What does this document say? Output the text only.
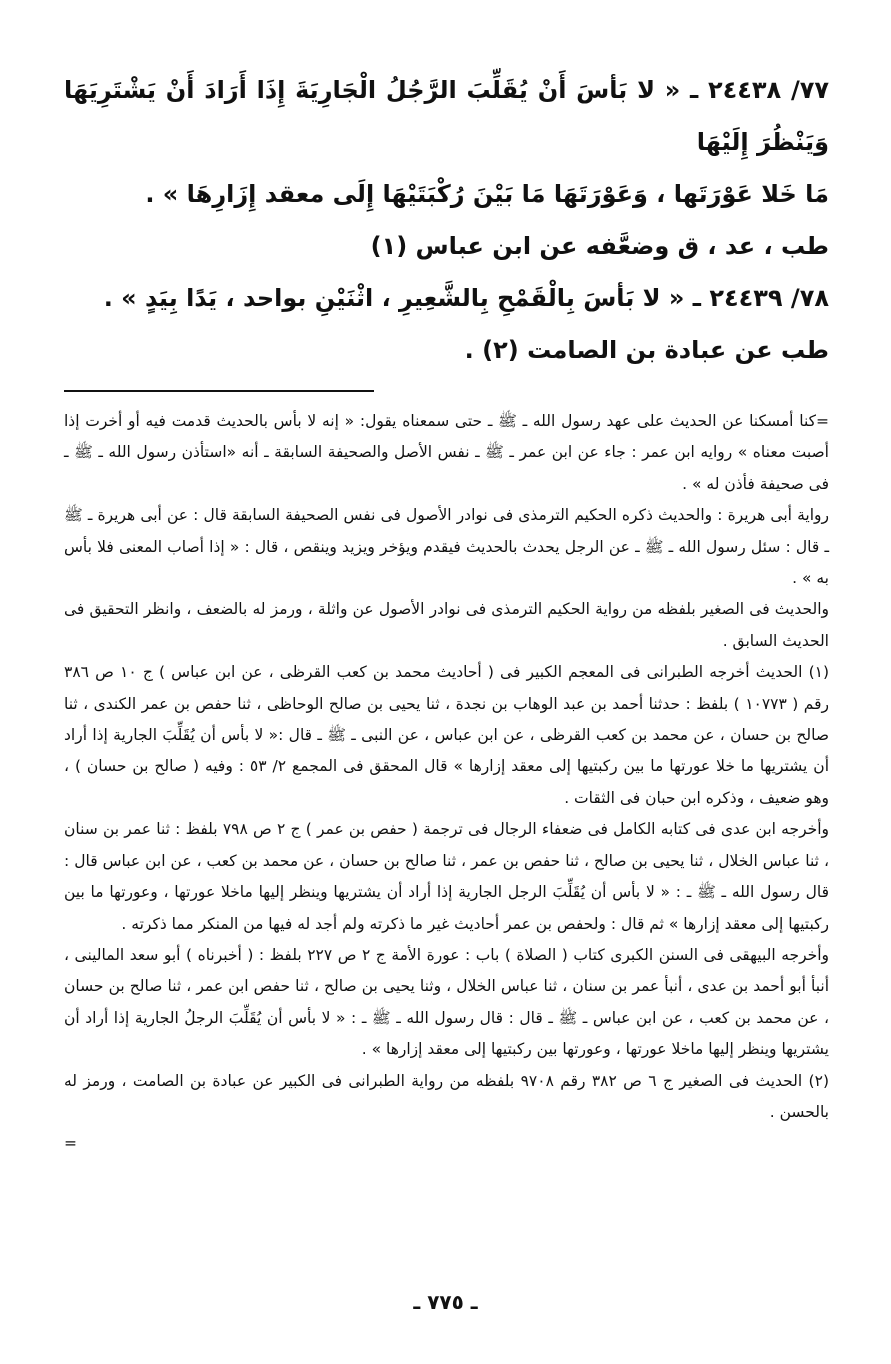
٧٧/ ٢٤٤٣٨ ـ « لا بَأسَ أَنْ يُقَلِّبَ الرَّجُلُ الْجَارِيَةَ إِذَا أَرَادَ أَنْ يَشْتَرِيَهَا وَيَنْظُرَ إِلَيْهَا

مَا خَلا عَوْرَتَها ، وَعَوْرَتَهَا مَا بَيْنَ رُكْبَتَيْهَا إِلَى معقد إِزَارِهَا » .

طب ، عد ، ق وضعَّفه عن ابن عباس (١)

٧٨/ ٢٤٤٣٩ ـ « لا بَأسَ بِالْقَمْحِ بِالشَّعِيرِ ، اثْنَيْنِ بواحد ، يَدًا بِيَدٍ » .

طب عن عبادة بن الصامت (٢) .

=كنا أمسكنا عن الحديث على عهد رسول الله ـ ﷺ ـ حتى سمعناه يقول: « إنه لا بأس بالحديث قدمت فيه أو أخرت إذا أصبت معناه » روايه ابن عمر : جاء عن ابن عمر ـ ﷺ ـ نفس الأصل والصحيفة السابقة ـ أنه «استأذن رسول الله ـ ﷺ ـ فى صحيفة فأذن له » .

رواية أبى هريرة : والحديث ذكره الحكيم الترمذى فى نوادر الأصول فى نفس الصحيفة السابقة قال : عن أبى هريرة ـ ﷺ ـ قال : سئل رسول الله ـ ﷺ ـ عن الرجل يحدث بالحديث فيقدم ويؤخر ويزيد وينقص ، قال : « إذا أصاب المعنى فلا بأس به » .

والحديث فى الصغير بلفظه من رواية الحكيم الترمذى فى نوادر الأصول عن واثلة ، ورمز له بالضعف ، وانظر التحقيق فى الحديث السابق .

(١) الحديث أخرجه الطبرانى فى المعجم الكبير فى ( أحاديث محمد بن كعب القرظى ، عن ابن عباس ) ج ١٠ ص ٣٨٦ رقم ( ١٠٧٧٣ ) بلفظ : حدثنا أحمد بن عبد الوهاب بن نجدة ، ثنا يحيى بن صالح الوحاظى ، ثنا حفص بن عمر الكندى ، ثنا صالح بن حسان ، عن محمد بن كعب القرظى ، عن ابن عباس ، عن النبى ـ ﷺ ـ قال :« لا بأس أن يُقَلِّبَ الجارية إذا أراد أن يشتريها ما خلا عورتها ما بين ركبتيها إلى معقد إزارها » قال المحقق فى المجمع ٢/ ٥٣ : وفيه ( صالح بن حسان ) ، وهو ضعيف ، وذكره ابن حبان فى الثقات .

وأخرجه ابن عدى فى كتابه الكامل فى ضعفاء الرجال فى ترجمة ( حفص بن عمر ) ج ٢ ص ٧٩٨ بلفظ : ثنا عمر بن سنان ، ثنا عباس الخلال ، ثنا يحيى بن صالح ، ثنا حفص بن عمر ، ثنا صالح بن حسان ، عن محمد بن كعب ، عن ابن عباس قال : قال رسول الله ـ ﷺ ـ : « لا بأس أن يُقَلِّبَ الرجل الجارية إذا أراد أن يشتريها وينظر إليها ماخلا عورتها ، وعورتها ما بين ركبتيها إلى معقد إزارها » ثم قال : ولحفص بن عمر أحاديث غير ما ذكرته ولم أجد له فيها من المنكر مما ذكرته .

وأخرجه البيهقى فى السنن الكبرى كتاب ( الصلاة ) باب : عورة الأمة ج ٢ ص ٢٢٧ بلفظ : ( أخبرناه ) أبو سعد المالينى ، أنبأ أبو أحمد بن عدى ، أنبأ عمر بن سنان ، ثنا عباس الخلال ، وثنا يحيى بن صالح ، ثنا حفص ابن عمر ، ثنا صالح بن حسان ، عن محمد بن كعب ، عن ابن عباس ـ ﷺ ـ قال : قال رسول الله ـ ﷺ ـ : « لا بأس أن يُقَلِّبَ الرجلُ الجارية إذا أراد أن يشتريها وينظر إليها ماخلا عورتها ، وعورتها بين ركبتيها إلى معقد إزارها » .

(٢) الحديث فى الصغير ج ٦ ص ٣٨٢ رقم ٩٧٠٨ بلفظه من رواية الطبرانى فى الكبير عن عبادة بن الصامت ، ورمز له بالحسن .

=

ـ ٧٧٥ ـ
